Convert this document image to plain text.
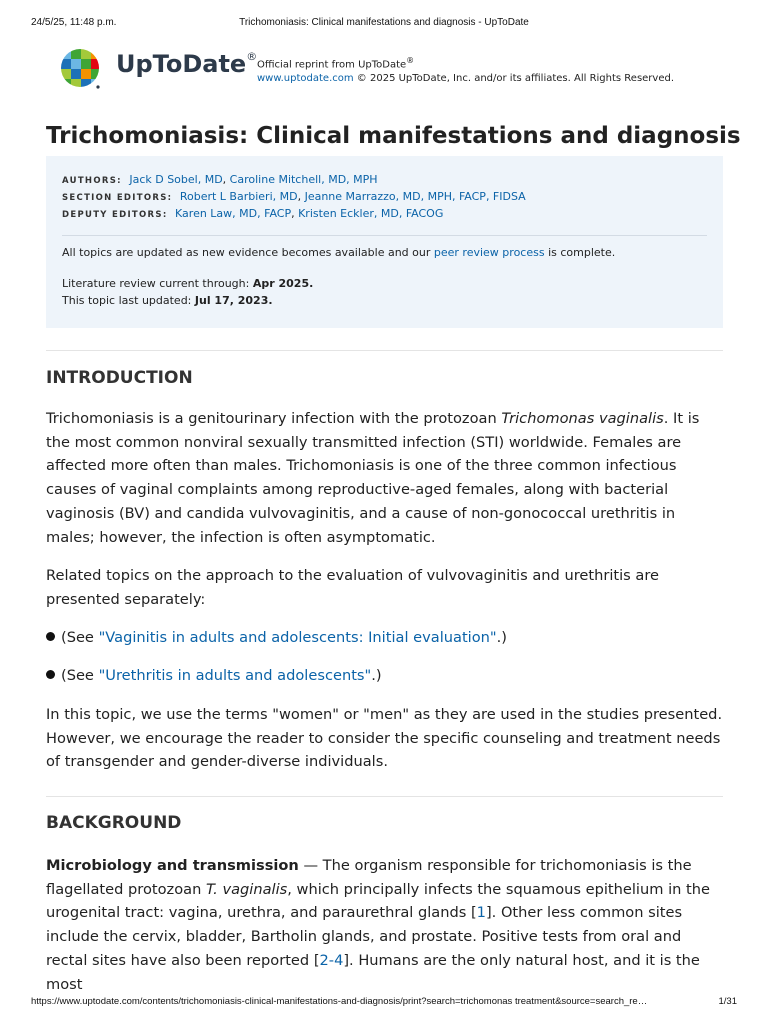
24/5/25, 11:48 p.m.	Trichomoniasis: Clinical manifestations and diagnosis - UpToDate
UpToDate®
Official reprint from UpToDate®
www.uptodate.com © 2025 UpToDate, Inc. and/or its affiliates. All Rights Reserved.
Trichomoniasis: Clinical manifestations and diagnosis
AUTHORS: Jack D Sobel, MD, Caroline Mitchell, MD, MPH
SECTION EDITORS: Robert L Barbieri, MD, Jeanne Marrazzo, MD, MPH, FACP, FIDSA
DEPUTY EDITORS: Karen Law, MD, FACP, Kristen Eckler, MD, FACOG
All topics are updated as new evidence becomes available and our peer review process is complete.
Literature review current through: Apr 2025.
This topic last updated: Jul 17, 2023.
INTRODUCTION

Trichomoniasis is a genitourinary infection with the protozoan Trichomonas vaginalis. It is the most common nonviral sexually transmitted infection (STI) worldwide. Females are affected more often than males. Trichomoniasis is one of the three common infectious causes of vaginal complaints among reproductive-aged females, along with bacterial vaginosis (BV) and candida vulvovaginitis, and a cause of non-gonococcal urethritis in males; however, the infection is often asymptomatic.

Related topics on the approach to the evaluation of vulvovaginitis and urethritis are presented separately:

(See "Vaginitis in adults and adolescents: Initial evaluation".)
(See "Urethritis in adults and adolescents".)

In this topic, we use the terms "women" or "men" as they are used in the studies presented. However, we encourage the reader to consider the specific counseling and treatment needs of transgender and gender-diverse individuals.

BACKGROUND

Microbiology and transmission — The organism responsible for trichomoniasis is the flagellated protozoan T. vaginalis, which principally infects the squamous epithelium in the urogenital tract: vagina, urethra, and paraurethral glands [1]. Other less common sites include the cervix, bladder, Bartholin glands, and prostate. Positive tests from oral and rectal sites have also been reported [2-4]. Humans are the only natural host, and it is the most

https://www.uptodate.com/contents/trichomoniasis-clinical-manifestations-and-diagnosis/print?search=trichomonas treatment&source=search_re…	1/31
